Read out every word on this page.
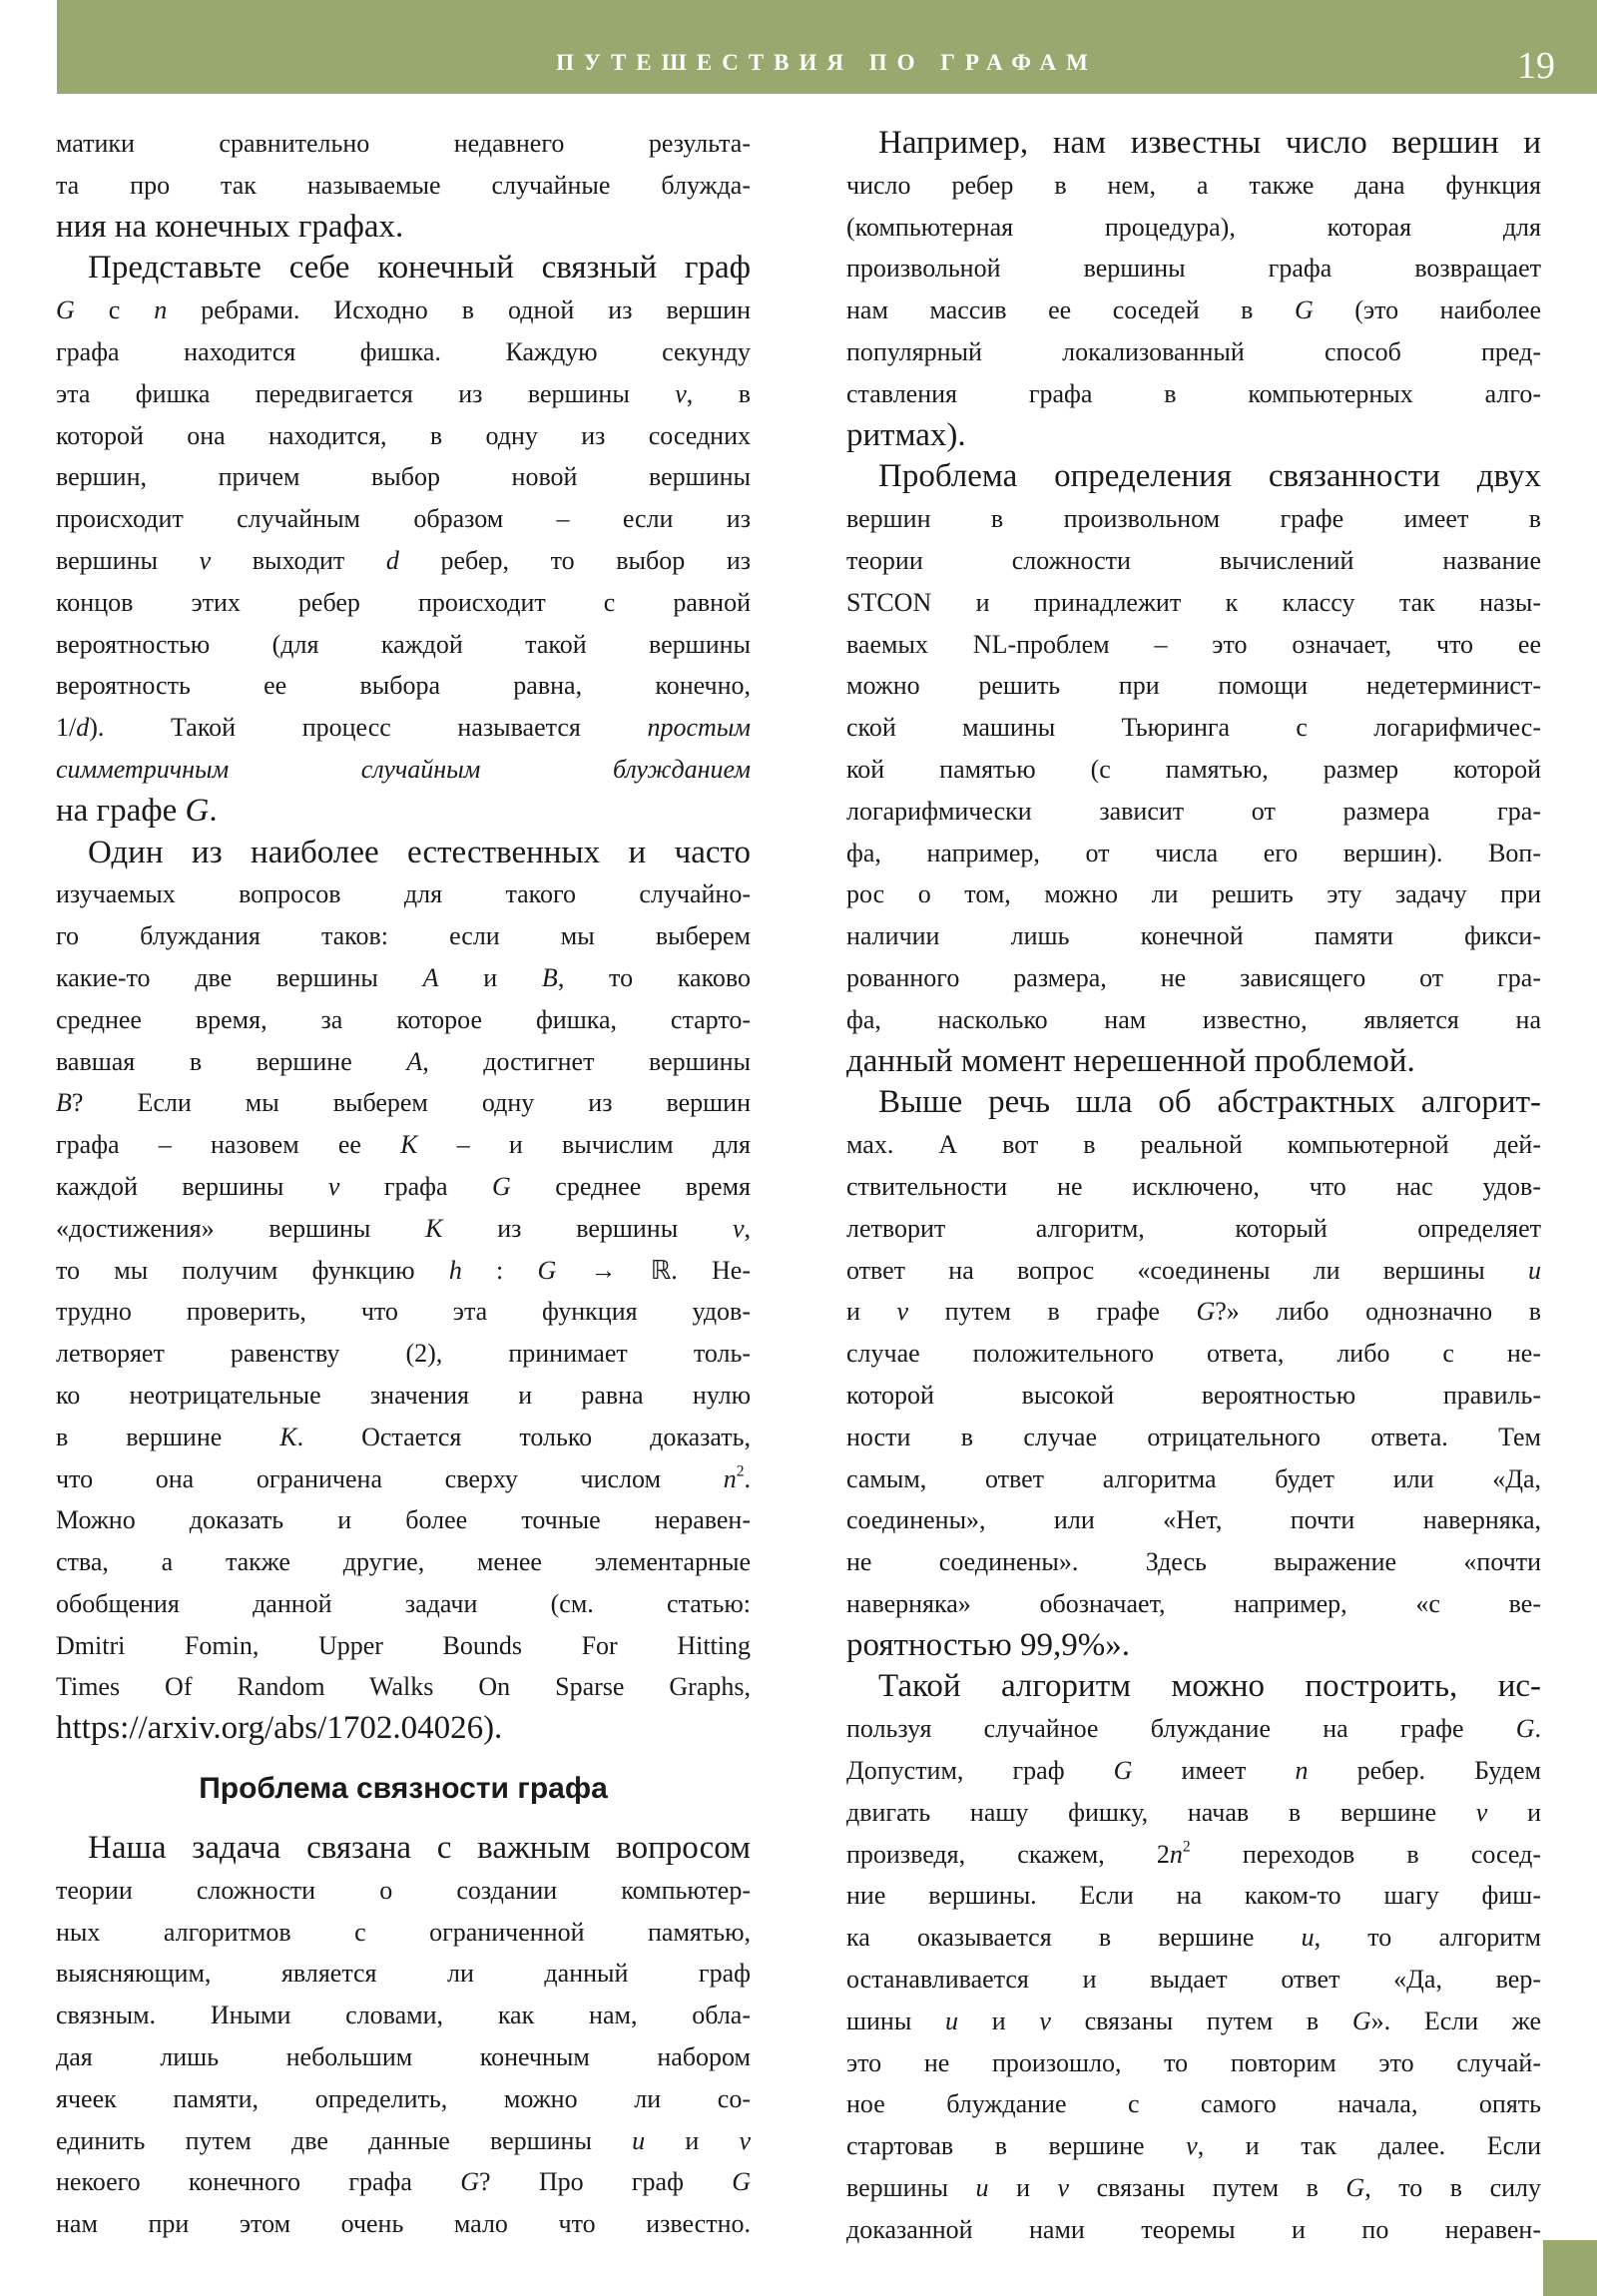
ПУТЕШЕСТВИЯ ПО ГРАФАМ	19
матики сравнительно недавнего результа-
та про так называемые случайные блужда-
ния на конечных графах.
Представьте себе конечный связный граф
G с n ребрами. Исходно в одной из вершин
графа находится фишка. Каждую секунду
эта фишка передвигается из вершины v, в
которой она находится, в одну из соседних
вершин, причем выбор новой вершины
происходит случайным образом – если из
вершины v выходит d ребер, то выбор из
концов этих ребер происходит с равной
вероятностью (для каждой такой вершины
вероятность ее выбора равна, конечно,
1/d). Такой процесс называется простым
симметричным случайным блужданием
на графе G.
Один из наиболее естественных и часто
изучаемых вопросов для такого случайно-
го блуждания таков: если мы выберем
какие-то две вершины A и B, то каково
среднее время, за которое фишка, старто-
вавшая в вершине A, достигнет вершины
B? Если мы выберем одну из вершин
графа – назовем ее K – и вычислим для
каждой вершины v графа G среднее время
«достижения» вершины K из вершины v,
то мы получим функцию h : G → ℝ. Не-
трудно проверить, что эта функция удов-
летворяет равенству (2), принимает толь-
ко неотрицательные значения и равна нулю
в вершине K. Остается только доказать,
что она ограничена сверху числом $n^2$.
Можно доказать и более точные неравен-
ства, а также другие, менее элементарные
обобщения данной задачи (см. статью:
Dmitri Fomin, Upper Bounds For Hitting
Times Of Random Walks On Sparse Graphs,
https://arxiv.org/abs/1702.04026).
Проблема связности графа
Наша задача связана с важным вопросом
теории сложности о создании компьютер-
ных алгоритмов с ограниченной памятью,
выясняющим, является ли данный граф
связным. Иными словами, как нам, обла-
дая лишь небольшим конечным набором
ячеек памяти, определить, можно ли со-
единить путем две данные вершины u и v
некоего конечного графа G? Про граф G
нам при этом очень мало что известно.
Например, нам известны число вершин и
число ребер в нем, а также дана функция
(компьютерная процедура), которая для
произвольной вершины графа возвращает
нам массив ее соседей в G (это наиболее
популярный локализованный способ пред-
ставления графа в компьютерных алго-
ритмах).
Проблема определения связанности двух
вершин в произвольном графе имеет в
теории сложности вычислений название
STCON и принадлежит к классу так назы-
ваемых NL-проблем – это означает, что ее
можно решить при помощи недетерминист-
ской машины Тьюринга с логарифмичес-
кой памятью (с памятью, размер которой
логарифмически зависит от размера гра-
фа, например, от числа его вершин). Воп-
рос о том, можно ли решить эту задачу при
наличии лишь конечной памяти фикси-
рованного размера, не зависящего от гра-
фа, насколько нам известно, является на
данный момент нерешенной проблемой.
Выше речь шла об абстрактных алгорит-
мах. А вот в реальной компьютерной дей-
ствительности не исключено, что нас удов-
летворит алгоритм, который определяет
ответ на вопрос «соединены ли вершины u
и v путем в графе G?» либо однозначно в
случае положительного ответа, либо с не-
которой высокой вероятностью правиль-
ности в случае отрицательного ответа. Тем
самым, ответ алгоритма будет или «Да,
соединены», или «Нет, почти наверняка,
не соединены». Здесь выражение «почти
наверняка» обозначает, например, «с ве-
роятностью 99,9%».
Такой алгоритм можно построить, ис-
пользуя случайное блуждание на графе G.
Допустим, граф G имеет n ребер. Будем
двигать нашу фишку, начав в вершине v и
произведя, скажем, $2n^2$ переходов в сосед-
ние вершины. Если на каком-то шагу фиш-
ка оказывается в вершине u, то алгоритм
останавливается и выдает ответ «Да, вер-
шины u и v связаны путем в G». Если же
это не произошло, то повторим это случай-
ное блуждание с самого начала, опять
стартовав в вершине v, и так далее. Если
вершины u и v связаны путем в G, то в силу
доказанной нами теоремы и по неравен-
